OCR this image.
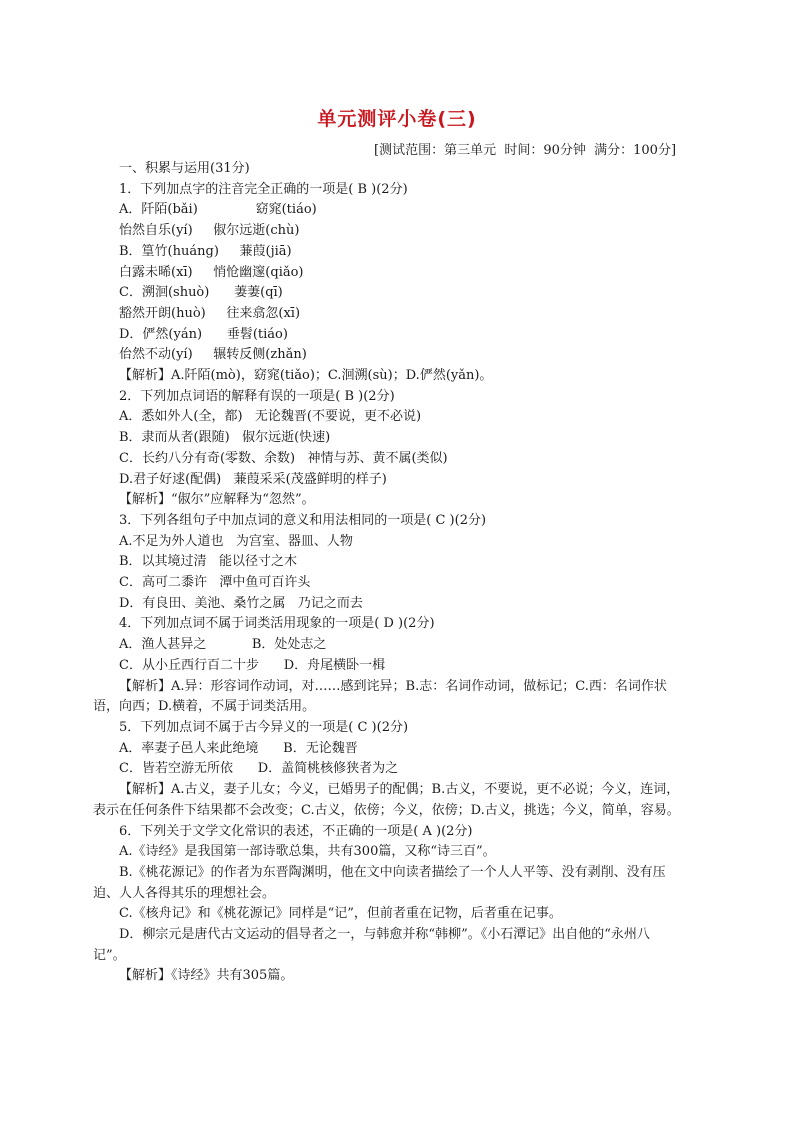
单元测评小卷(三)
[测试范围：第三单元  时间：90分钟  满分：100分]
一、积累与运用(31分)
1．下列加点字的注音完全正确的一项是( B )(2分)
A．阡陌(bǎi)              窈窕(tiáo)
怡然自乐(yí)     俶尔远逝(chù)
B．篁竹(huáng)     蒹葭(jiā)
白露未晞(xī)     悄怆幽邃(qiǎo)
C．溯洄(shuò)      萋萋(qī)
豁然开朗(huò)     往来翕忽(xī)
D．俨然(yán)      垂髫(tiáo)
佁然不动(yí)     辗转反侧(zhǎn)
【解析】A.阡陌(mò)，窈窕(tiǎo)；C.洄溯(sù)；D.俨然(yǎn)。
2．下列加点词语的解释有误的一项是( B )(2分)
A．悉如外人(全，都)   无论魏晋(不要说，更不必说)
B．隶而从者(跟随)   俶尔远逝(快速)
C．长约八分有奇(零数、余数)   神情与苏、黄不属(类似)
D.君子好逑(配偶)   蒹葭采采(茂盛鲜明的样子)
【解析】“俶尔”应解释为“忽然”。
3．下列各组句子中加点词的意义和用法相同的一项是( C )(2分)
A.不足为外人道也   为宫室、器皿、人物
B．以其境过清   能以径寸之木
C．高可二黍许   潭中鱼可百许头
D．有良田、美池、桑竹之属   乃记之而去
4．下列加点词不属于词类活用现象的一项是( D )(2分)
A．渔人甚异之           B．处处志之
C．从小丘西行百二十步      D．舟尾横卧一楫
【解析】A.异：形容词作动词，对……感到诧异；B.志：名词作动词，做标记；C.西：名词作状语，向西；D.横着，不属于词类活用。
5．下列加点词不属于古今异义的一项是( C )(2分)
A．率妻子邑人来此绝境      B．无论魏晋
C．皆若空游无所依      D．盖简桃核修狭者为之
【解析】A.古义，妻子儿女；今义，已婚男子的配偶；B.古义，不要说，更不必说；今义，连词，表示在任何条件下结果都不会改变；C.古义，依傍；今义，依傍；D.古义，挑选；今义，简单，容易。
6．下列关于文学文化常识的表述，不正确的一项是( A )(2分)
A.《诗经》是我国第一部诗歌总集，共有300篇，又称“诗三百”。
B.《桃花源记》的作者为东晋陶渊明，他在文中向读者描绘了一个人人平等、没有剥削、没有压迫、人人各得其乐的理想社会。
C.《核舟记》和《桃花源记》同样是“记”，但前者重在记物，后者重在记事。
D．柳宗元是唐代古文运动的倡导者之一，与韩愈并称“韩柳”。《小石潭记》出自他的“永州八记”。
【解析】《诗经》共有305篇。
